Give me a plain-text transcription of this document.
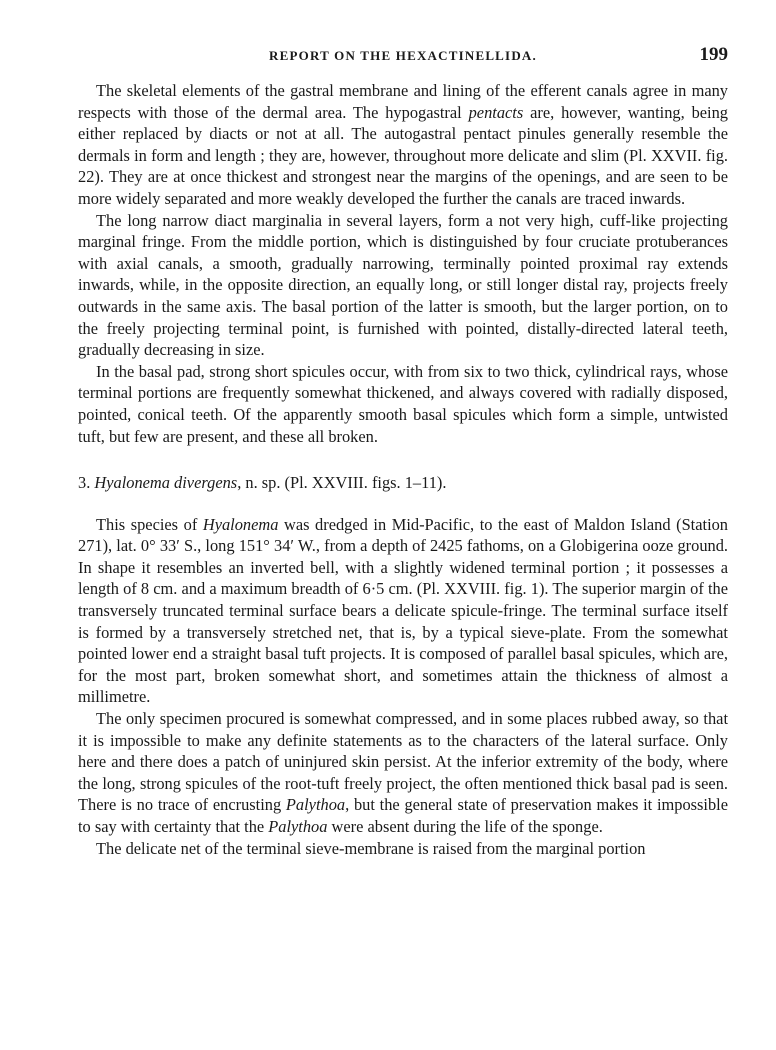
REPORT ON THE HEXACTINELLIDA.	199

The skeletal elements of the gastral membrane and lining of the efferent canals agree in many respects with those of the dermal area. The hypogastral pentacts are, however, wanting, being either replaced by diacts or not at all. The autogastral pentact pinules generally resemble the dermals in form and length ; they are, however, throughout more delicate and slim (Pl. XXVII. fig. 22). They are at once thickest and strongest near the margins of the openings, and are seen to be more widely separated and more weakly developed the further the canals are traced inwards.

The long narrow diact marginalia in several layers, form a not very high, cuff-like projecting marginal fringe. From the middle portion, which is distinguished by four cruciate protuberances with axial canals, a smooth, gradually narrowing, terminally pointed proximal ray extends inwards, while, in the opposite direction, an equally long, or still longer distal ray, projects freely outwards in the same axis. The basal portion of the latter is smooth, but the larger portion, on to the freely projecting terminal point, is furnished with pointed, distally-directed lateral teeth, gradually decreasing in size.

In the basal pad, strong short spicules occur, with from six to two thick, cylindrical rays, whose terminal portions are frequently somewhat thickened, and always covered with radially disposed, pointed, conical teeth. Of the apparently smooth basal spicules which form a simple, untwisted tuft, but few are present, and these all broken.

3. Hyalonema divergens, n. sp. (Pl. XXVIII. figs. 1–11).

This species of Hyalonema was dredged in Mid-Pacific, to the east of Maldon Island (Station 271), lat. 0° 33′ S., long 151° 34′ W., from a depth of 2425 fathoms, on a Globigerina ooze ground. In shape it resembles an inverted bell, with a slightly widened terminal portion ; it possesses a length of 8 cm. and a maximum breadth of 6·5 cm. (Pl. XXVIII. fig. 1). The superior margin of the transversely truncated terminal surface bears a delicate spicule-fringe. The terminal surface itself is formed by a transversely stretched net, that is, by a typical sieve-plate. From the somewhat pointed lower end a straight basal tuft projects. It is composed of parallel basal spicules, which are, for the most part, broken somewhat short, and sometimes attain the thickness of almost a millimetre.

The only specimen procured is somewhat compressed, and in some places rubbed away, so that it is impossible to make any definite statements as to the characters of the lateral surface. Only here and there does a patch of uninjured skin persist. At the inferior extremity of the body, where the long, strong spicules of the root-tuft freely project, the often mentioned thick basal pad is seen. There is no trace of encrusting Palythoa, but the general state of preservation makes it impossible to say with certainty that the Palythoa were absent during the life of the sponge.

The delicate net of the terminal sieve-membrane is raised from the marginal portion
